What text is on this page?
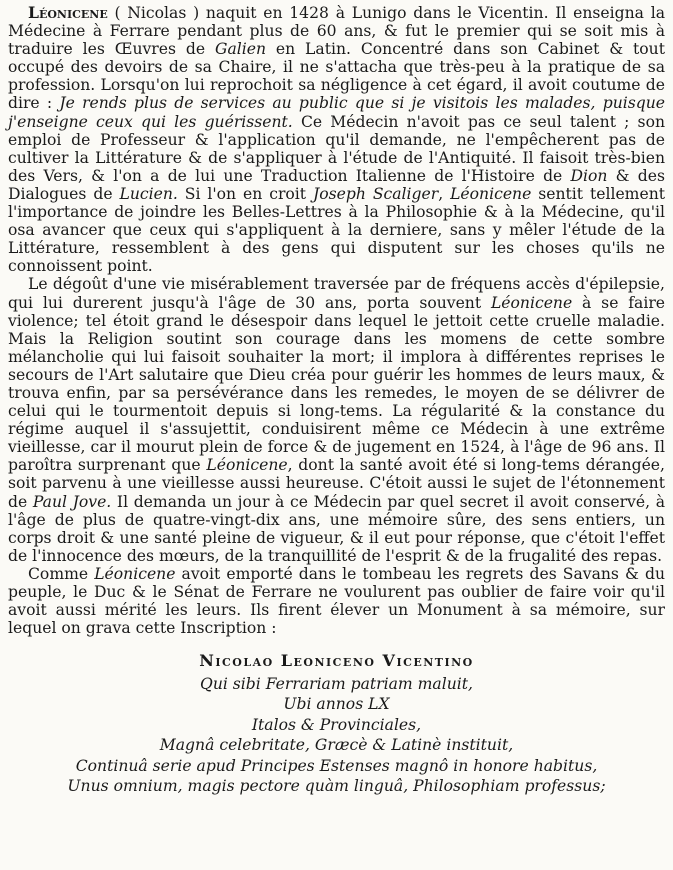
Léonicene ( Nicolas ) naquit en 1428 à Lunigo dans le Vicentin. Il enseigna la Médecine à Ferrare pendant plus de 60 ans, & fut le premier qui se soit mis à traduire les Œuvres de Galien en Latin. Concentré dans son Cabinet & tout occupé des devoirs de sa Chaire, il ne s'attacha que très-peu à la pratique de sa profession. Lorsqu'on lui reprochoit sa négligence à cet égard, il avoit coutume de dire : Je rends plus de services au public que si je visitois les malades, puisque j'enseigne ceux qui les guérissent. Ce Médecin n'avoit pas ce seul talent ; son emploi de Professeur & l'application qu'il demande, ne l'empêcherent pas de cultiver la Littérature & de s'appliquer à l'étude de l'Antiquité. Il faisoit très-bien des Vers, & l'on a de lui une Traduction Italienne de l'Histoire de Dion & des Dialogues de Lucien. Si l'on en croit Joseph Scaliger, Léonicene sentit tellement l'importance de joindre les Belles-Lettres à la Philosophie & à la Médecine, qu'il osa avancer que ceux qui s'appliquent à la derniere, sans y mêler l'étude de la Littérature, ressemblent à des gens qui disputent sur les choses qu'ils ne connoissent point.

Le dégoût d'une vie misérablement traversée par de fréquens accès d'épilepsie, qui lui durerent jusqu'à l'âge de 30 ans, porta souvent Léonicene à se faire violence; tel étoit grand le désespoir dans lequel le jettoit cette cruelle maladie. Mais la Religion soutint son courage dans les momens de cette sombre mélancholie qui lui faisoit souhaiter la mort; il implora à différentes reprises le secours de l'Art salutaire que Dieu créa pour guérir les hommes de leurs maux, & trouva enfin, par sa persévérance dans les remedes, le moyen de se délivrer de celui qui le tourmentoit depuis si long-tems. La régularité & la constance du régime auquel il s'assujettit, conduisirent même ce Médecin à une extrême vieillesse, car il mourut plein de force & de jugement en 1524, à l'âge de 96 ans. Il paroîtra surprenant que Léonicene, dont la santé avoit été si long-tems dérangée, soit parvenu à une vieillesse aussi heureuse. C'étoit aussi le sujet de l'étonnement de Paul Jove. Il demanda un jour à ce Médecin par quel secret il avoit conservé, à l'âge de plus de quatre-vingt-dix ans, une mémoire sûre, des sens entiers, un corps droit & une santé pleine de vigueur, & il eut pour réponse, que c'étoit l'effet de l'innocence des mœurs, de la tranquillité de l'esprit & de la frugalité des repas.

Comme Léonicene avoit emporté dans le tombeau les regrets des Savans & du peuple, le Duc & le Sénat de Ferrare ne voulurent pas oublier de faire voir qu'il avoit aussi mérité les leurs. Ils firent élever un Monument à sa mémoire, sur lequel on grava cette Inscription :

Nicolao Leoniceno Vicentino
Qui sibi Ferrariam patriam maluit,
Ubi annos LX
Italos & Provinciales,
Magnâ celebritate, Græcè & Latinè instituit,
Continuâ serie apud Principes Estenses magnô in honore habitus,
Unus omnium, magis pectore quàm linguâ, Philosophiam professus;
